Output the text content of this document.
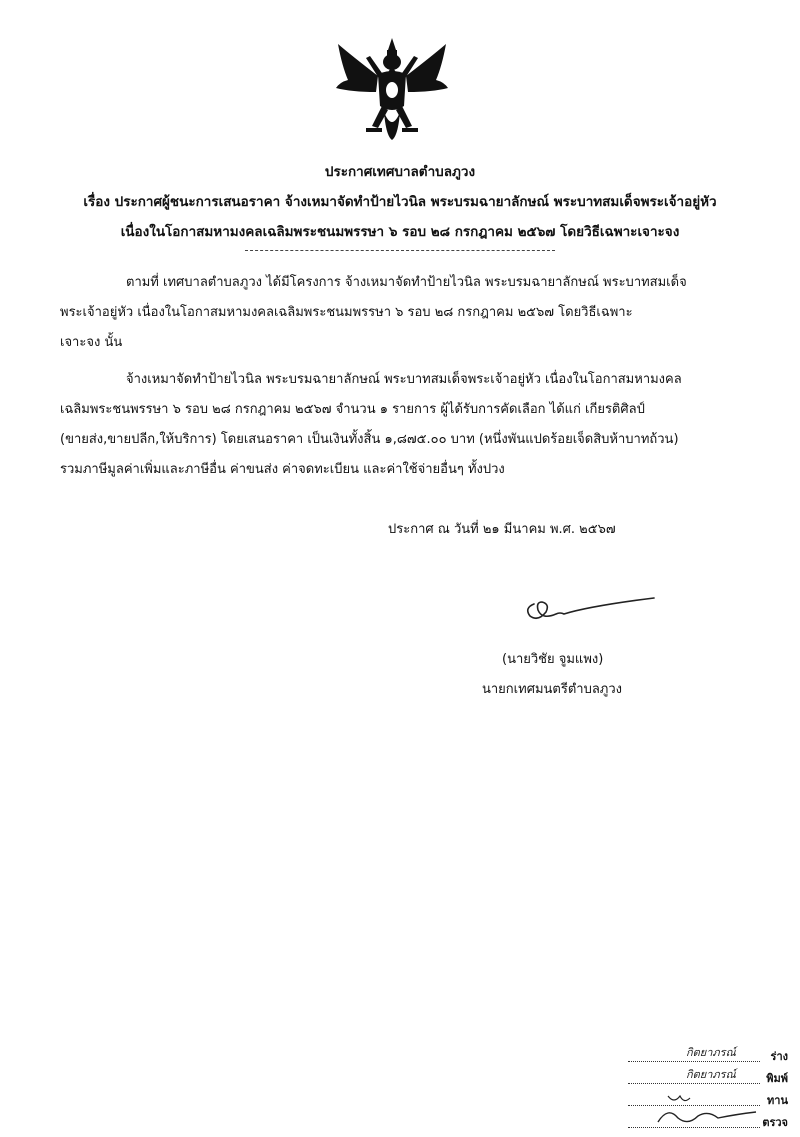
ประกาศเทศบาลตำบลภูวง
เรื่อง ประกาศผู้ชนะการเสนอราคา จ้างเหมาจัดทำป้ายไวนิล พระบรมฉายาลักษณ์ พระบาทสมเด็จพระเจ้าอยู่หัว
เนื่องในโอกาสมหามงคลเฉลิมพระชนมพรรษา ๖ รอบ ๒๘ กรกฎาคม ๒๕๖๗ โดยวิธีเฉพาะเจาะจง
ตามที่ เทศบาลตำบลภูวง ได้มีโครงการ จ้างเหมาจัดทำป้ายไวนิล พระบรมฉายาลักษณ์ พระบาทสมเด็จ
พระเจ้าอยู่หัว เนื่องในโอกาสมหามงคลเฉลิมพระชนมพรรษา ๖ รอบ ๒๘ กรกฎาคม ๒๕๖๗ โดยวิธีเฉพาะ
เจาะจง นั้น
จ้างเหมาจัดทำป้ายไวนิล พระบรมฉายาลักษณ์ พระบาทสมเด็จพระเจ้าอยู่หัว เนื่องในโอกาสมหามงคล
เฉลิมพระชนพรรษา ๖ รอบ ๒๘ กรกฎาคม ๒๕๖๗ จำนวน ๑ รายการ ผู้ได้รับการคัดเลือก ได้แก่ เกียรติศิลป์
(ขายส่ง,ขายปลีก,ให้บริการ) โดยเสนอราคา เป็นเงินทั้งสิ้น ๑,๘๗๕.๐๐ บาท (หนึ่งพันแปดร้อยเจ็ดสิบห้าบาทถ้วน)
รวมภาษีมูลค่าเพิ่มและภาษีอื่น ค่าขนส่ง ค่าจดทะเบียน และค่าใช้จ่ายอื่นๆ ทั้งปวง
ประกาศ ณ วันที่ ๒๑ มีนาคม พ.ศ. ๒๕๖๗
(นายวิชัย จูมแพง)
นายกเทศมนตรีตำบลภูวง
กิตยาภรณ์	ร่าง
กิตยาภรณ์	พิมพ์
ทาน
ตรวจ
